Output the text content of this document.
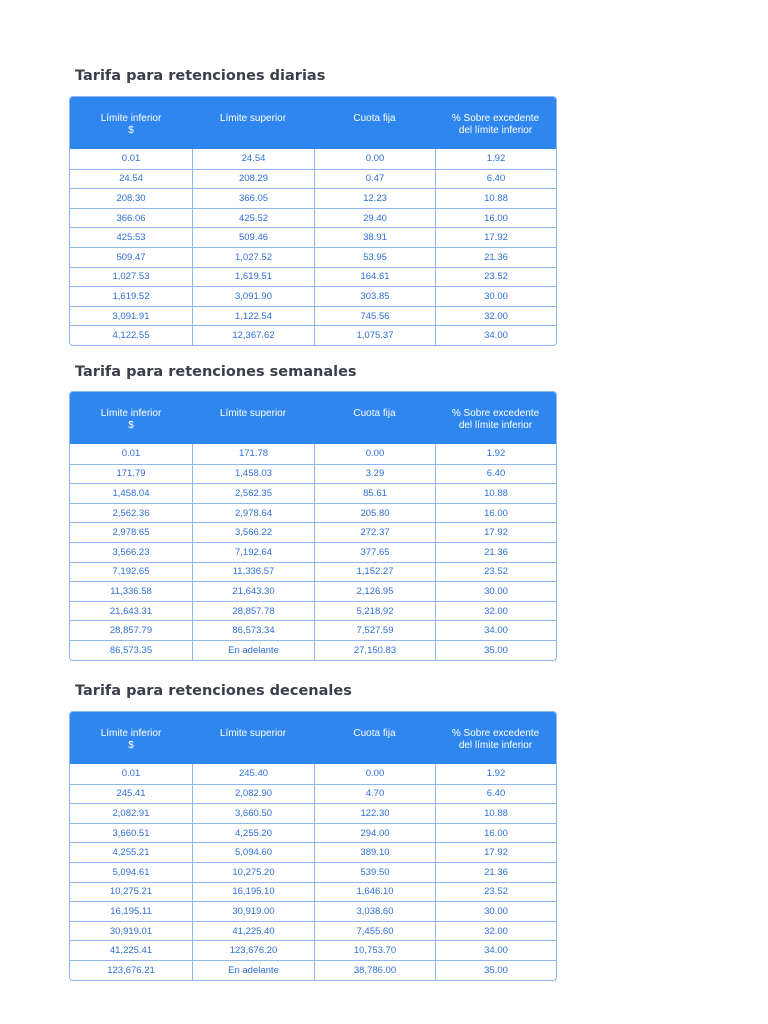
Tarifa para retenciones diarias
Límite inferior
$
Límite superior	Cuota fija	% Sobre excedente
del límite inferior
0.01	24.54	0.00	1.92
24.54	208.29	0.47	6.40
208.30	366.05	12.23	10.88
366.06	425.52	29.40	16.00
425.53	509.46	38.91	17.92
509.47	1,027.52	53.95	21.36
1,027.53	1,619.51	164.61	23.52
1,619.52	3,091.90	303.85	30.00
3,091.91	1,122.54	745.56	32.00
4,122.55	12,367.62	1,075.37	34.00
Tarifa para retenciones semanales
Límite inferior
$
Límite superior	Cuota fija	% Sobre excedente
del límite inferior
0.01	171.78	0.00	1.92
171.79	1,458.03	3.29	6.40
1,458.04	2,562.35	85.61	10.88
2,562.36	2,978.64	205.80	16.00
2,978.65	3,566.22	272.37	17.92
3,566.23	7,192.64	377.65	21.36
7,192.65	11,336.57	1,152.27	23.52
11,336.58	21,643.30	2,126.95	30.00
21,643.31	28,857.78	5,218.92	32.00
28,857.79	86,573.34	7,527.59	34.00
86,573.35	En adelante	27,150.83	35.00
Tarifa para retenciones decenales
Límite inferior
$
Límite superior	Cuota fija	% Sobre excedente
del límite inferior
0.01	245.40	0.00	1.92
245.41	2,082.90	4.70	6.40
2,082.91	3,660.50	122.30	10.88
3,660.51	4,255.20	294.00	16.00
4,255.21	5,094.60	389.10	17.92
5,094.61	10,275.20	539.50	21.36
10,275.21	16,195.10	1,646.10	23.52
16,195.11	30,919.00	3,038.60	30.00
30,919.01	41,225.40	7,455.60	32.00
41,225.41	123,676.20	10,753.70	34.00
123,676.21	En adelante	38,786.00	35.00
